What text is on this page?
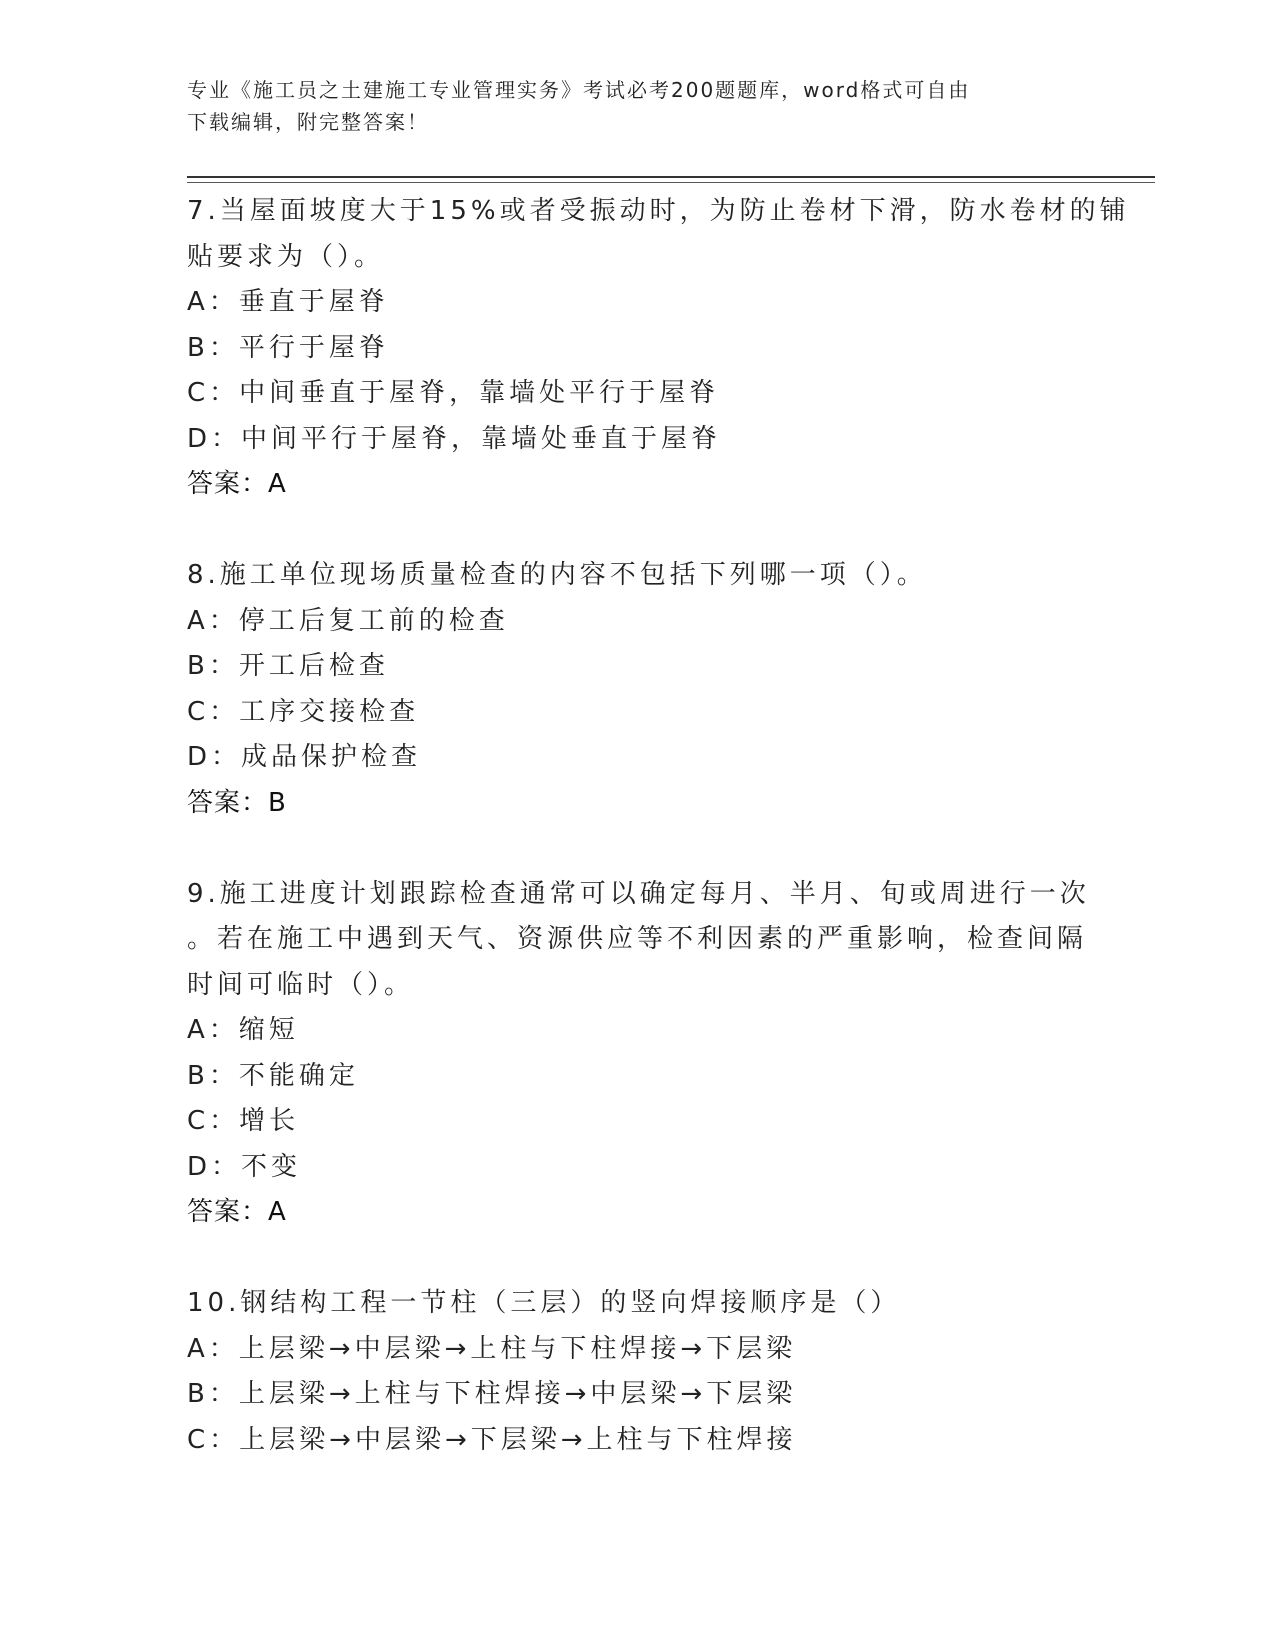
专业《施工员之土建施工专业管理实务》考试必考200题题库，word格式可自由
下载编辑，附完整答案！
7.当屋面坡度大于15%或者受振动时，为防止卷材下滑，防水卷材的铺
贴要求为（）。
A：垂直于屋脊
B：平行于屋脊
C：中间垂直于屋脊，靠墙处平行于屋脊
D：中间平行于屋脊，靠墙处垂直于屋脊
答案：A
8.施工单位现场质量检查的内容不包括下列哪一项（）。
A：停工后复工前的检查
B：开工后检查
C：工序交接检查
D：成品保护检查
答案：B
9.施工进度计划跟踪检查通常可以确定每月、半月、旬或周进行一次
。若在施工中遇到天气、资源供应等不利因素的严重影响，检查间隔
时间可临时（）。
A：缩短
B：不能确定
C：增长
D：不变
答案：A
10.钢结构工程一节柱（三层）的竖向焊接顺序是（）
A：上层梁→中层梁→上柱与下柱焊接→下层梁
B：上层梁→上柱与下柱焊接→中层梁→下层梁
C：上层梁→中层梁→下层梁→上柱与下柱焊接
